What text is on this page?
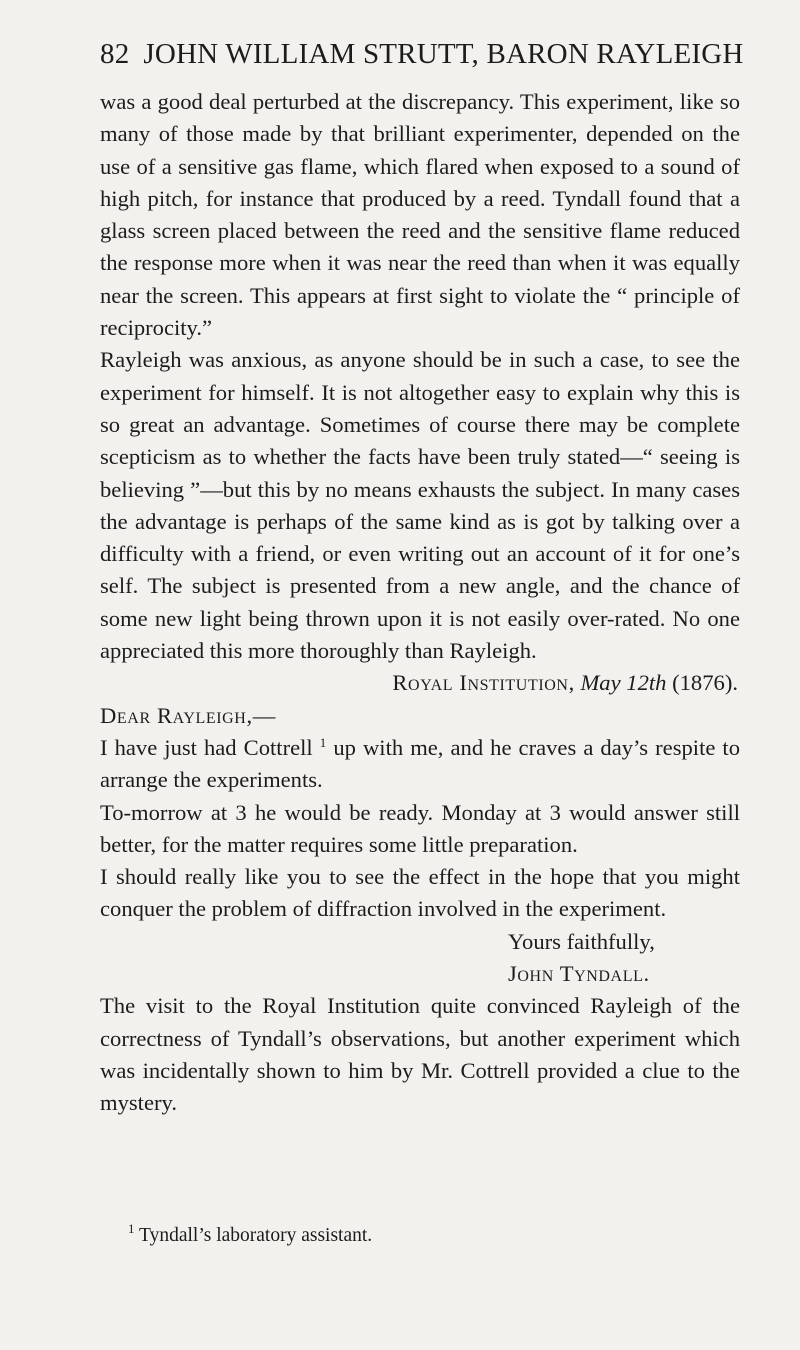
82 JOHN WILLIAM STRUTT, BARON RAYLEIGH

was a good deal perturbed at the discrepancy. This experiment, like so many of those made by that brilliant experimenter, depended on the use of a sensitive gas flame, which flared when exposed to a sound of high pitch, for instance that produced by a reed. Tyndall found that a glass screen placed between the reed and the sensitive flame reduced the response more when it was near the reed than when it was equally near the screen. This appears at first sight to violate the “ principle of reciprocity.”

Rayleigh was anxious, as anyone should be in such a case, to see the experiment for himself. It is not altogether easy to explain why this is so great an advantage. Sometimes of course there may be complete scepticism as to whether the facts have been truly stated—“ seeing is believing ”—but this by no means exhausts the subject. In many cases the advantage is perhaps of the same kind as is got by talking over a difficulty with a friend, or even writing out an account of it for one’s self. The subject is presented from a new angle, and the chance of some new light being thrown upon it is not easily over-rated. No one appreciated this more thoroughly than Rayleigh.

Royal Institution, May 12th (1876).

Dear Rayleigh,—

I have just had Cottrell $^1$ up with me, and he craves a day’s respite to arrange the experiments.

To-morrow at 3 he would be ready. Monday at 3 would answer still better, for the matter requires some little preparation.

I should really like you to see the effect in the hope that you might conquer the problem of diffraction involved in the experiment.

Yours faithfully,
John Tyndall.

The visit to the Royal Institution quite convinced Rayleigh of the correctness of Tyndall’s observations, but another experiment which was incidentally shown to him by Mr. Cottrell provided a clue to the mystery.

$^1$ Tyndall’s laboratory assistant.
